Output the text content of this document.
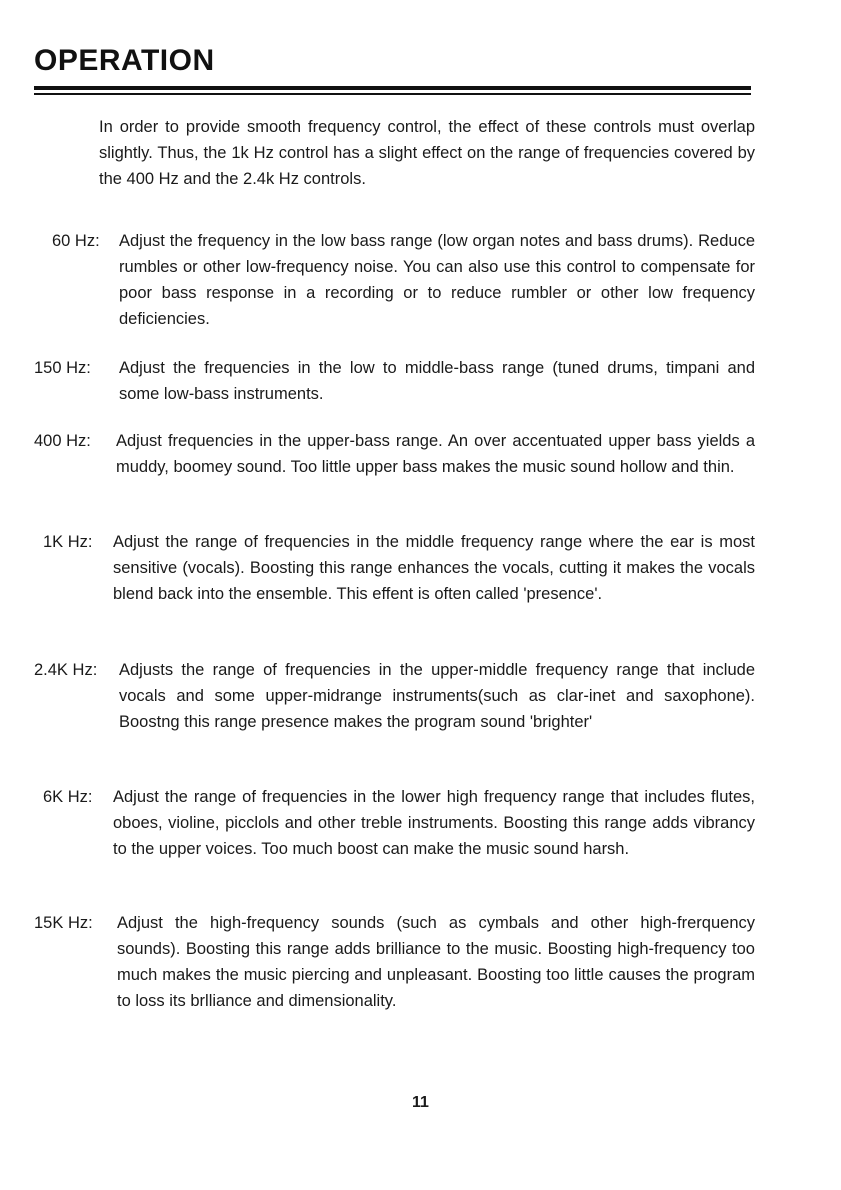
OPERATION

In order to provide smooth frequency control, the effect of these controls must overlap slightly. Thus, the 1k Hz control has a slight effect on the range of frequencies covered by the 400 Hz and the 2.4k Hz controls.

60 Hz: Adjust the frequency in the low bass range (low organ notes and bass drums). Reduce rumbles or other low-frequency noise. You can also use this control to compensate for poor bass response in a recording or to reduce rumbler or other low frequency deficiencies.

150 Hz: Adjust the frequencies in the low to middle-bass range (tuned drums, timpani and some low-bass instruments.

400 Hz: Adjust frequencies in the upper-bass range. An over accentuated upper bass yields a muddy, boomey sound. Too little upper bass makes the music sound hollow and thin.

1K Hz: Adjust the range of frequencies in the middle frequency range where the ear is most sensitive (vocals). Boosting this range enhances the vocals, cutting it makes the vocals blend back into the ensemble. This effent is often called 'presence'.

2.4K Hz: Adjusts the range of frequencies in the upper-middle frequency range that include vocals and some upper-midrange instruments(such as clar-inet and saxophone). Boostng this range presence makes the program sound 'brighter'

6K Hz: Adjust the range of frequencies in the lower high frequency range that includes flutes, oboes, violine, picclols and other treble instruments. Boosting this range adds vibrancy to the upper voices. Too much boost can make the music sound harsh.

15K Hz: Adjust the high-frequency sounds (such as cymbals and other high-frerquency sounds). Boosting this range adds brilliance to the music. Boosting high-frequency too much makes the music piercing and unpleasant. Boosting too little causes the program to loss its brlliance and dimensionality.

11
